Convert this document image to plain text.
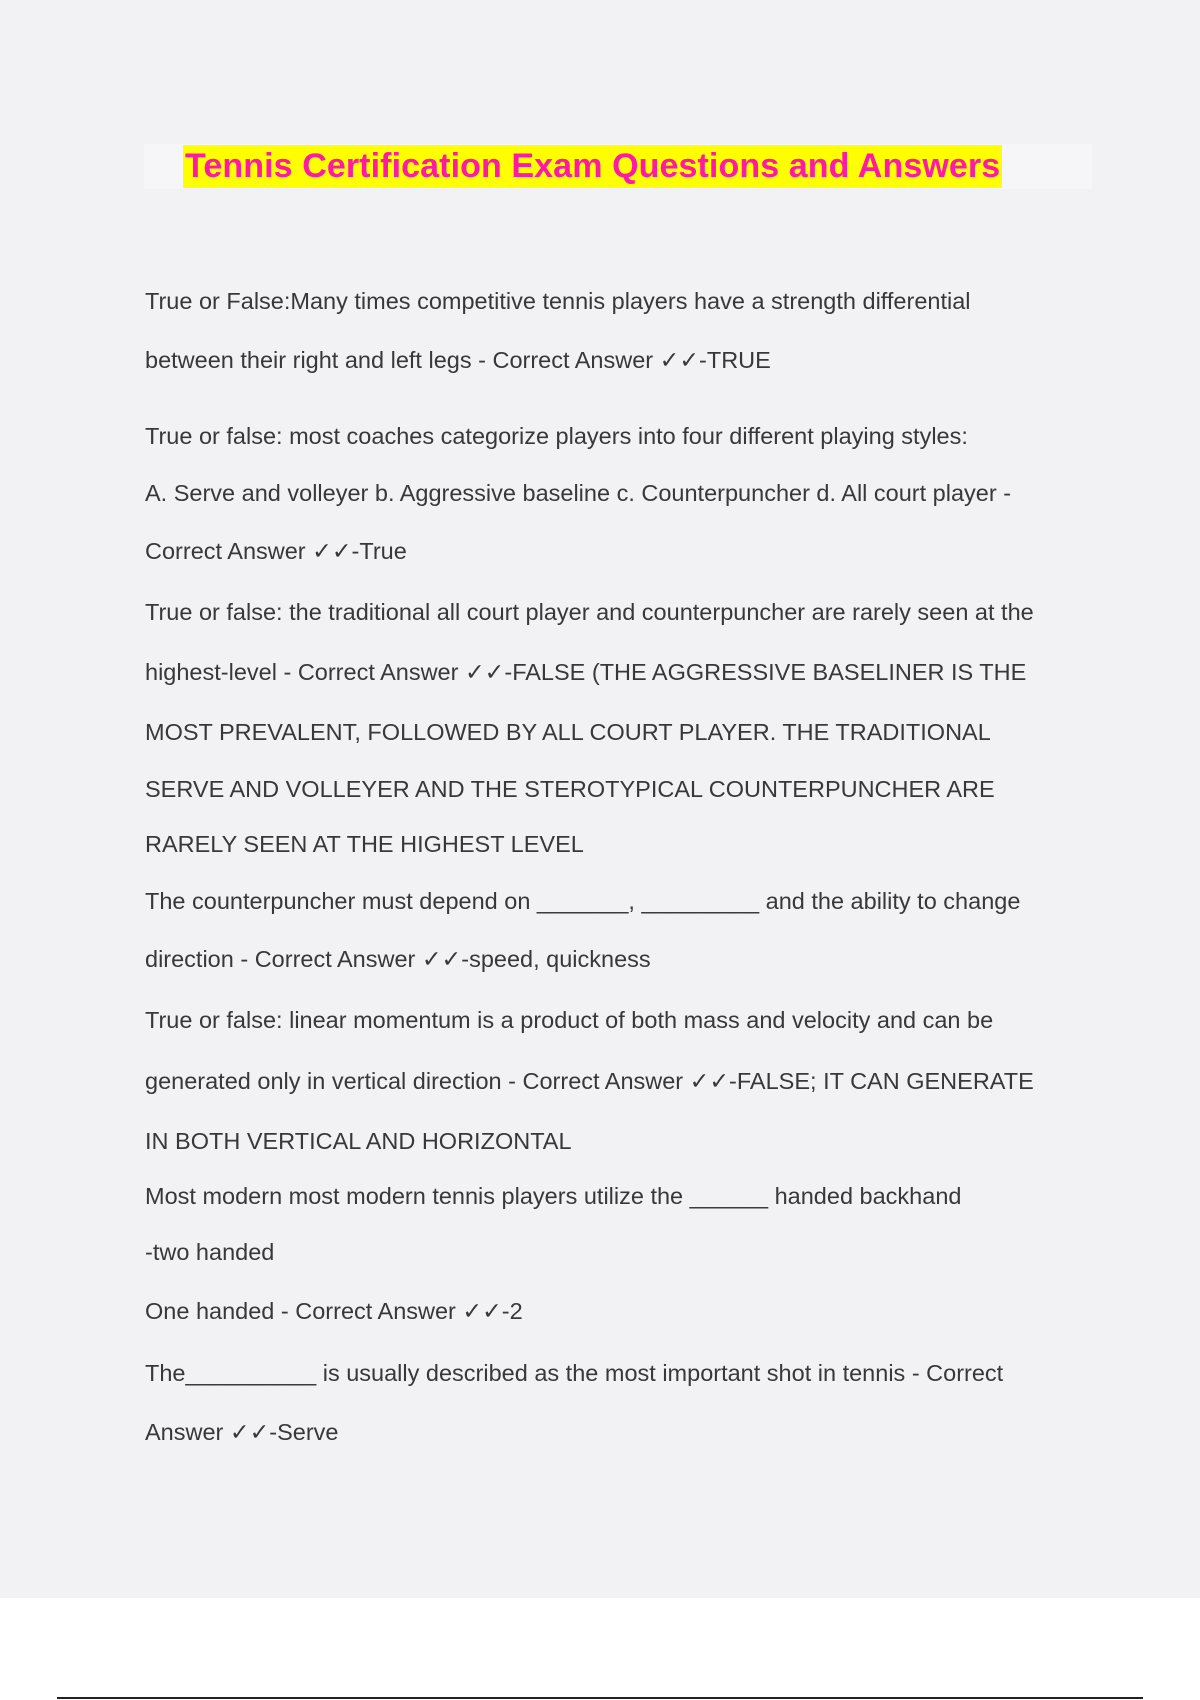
Tennis Certification Exam Questions and Answers
True or False:Many times competitive tennis players have a strength differential
between their right and left legs - Correct Answer ✓✓-TRUE
True or false: most coaches categorize players into four different playing styles:
A. Serve and volleyer b. Aggressive baseline c. Counterpuncher d. All court player -
Correct Answer ✓✓-True
True or false: the traditional all court player and counterpuncher are rarely seen at the
highest-level - Correct Answer ✓✓-FALSE (THE AGGRESSIVE BASELINER IS THE
MOST PREVALENT, FOLLOWED BY ALL COURT PLAYER. THE TRADITIONAL
SERVE AND VOLLEYER AND THE STEROTYPICAL COUNTERPUNCHER ARE
RARELY SEEN AT THE HIGHEST LEVEL
The counterpuncher must depend on _______, _________ and the ability to change
direction - Correct Answer ✓✓-speed, quickness
True or false: linear momentum is a product of both mass and velocity and can be
generated only in vertical direction - Correct Answer ✓✓-FALSE; IT CAN GENERATE
IN BOTH VERTICAL AND HORIZONTAL
Most modern most modern tennis players utilize the ______ handed backhand
-two handed
One handed - Correct Answer ✓✓-2
The__________ is usually described as the most important shot in tennis - Correct
Answer ✓✓-Serve
